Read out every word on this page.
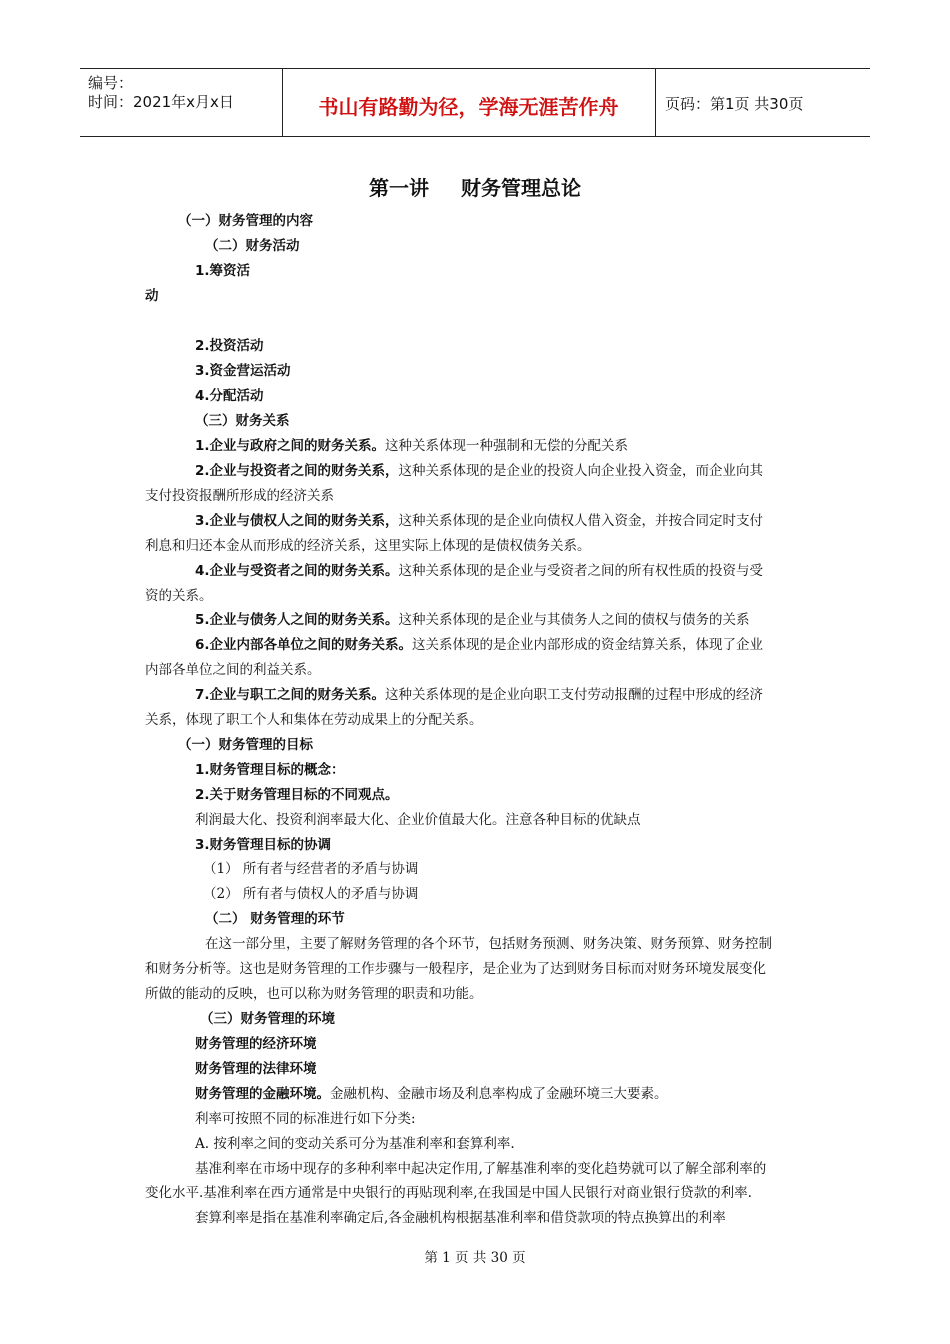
编号：
时间：2021年x月x日	书山有路勤为径，学海无涯苦作舟	页码：第1页 共30页
第一讲 财务管理总论
（一）财务管理的内容
（二）财务活动
1.筹资活
动
2.投资活动
3.资金营运活动
4.分配活动
（三）财务关系
1.企业与政府之间的财务关系。这种关系体现一种强制和无偿的分配关系
2.企业与投资者之间的财务关系，这种关系体现的是企业的投资人向企业投入资金，而企业向其
支付投资报酬所形成的经济关系
3.企业与债权人之间的财务关系，这种关系体现的是企业向债权人借入资金，并按合同定时支付
利息和归还本金从而形成的经济关系，这里实际上体现的是债权债务关系。
4.企业与受资者之间的财务关系。这种关系体现的是企业与受资者之间的所有权性质的投资与受
资的关系。
5.企业与债务人之间的财务关系。这种关系体现的是企业与其债务人之间的债权与债务的关系
6.企业内部各单位之间的财务关系。这关系体现的是企业内部形成的资金结算关系，体现了企业
内部各单位之间的利益关系。
7.企业与职工之间的财务关系。这种关系体现的是企业向职工支付劳动报酬的过程中形成的经济
关系，体现了职工个人和集体在劳动成果上的分配关系。
（一）财务管理的目标
1.财务管理目标的概念：
2.关于财务管理目标的不同观点。
利润最大化、投资利润率最大化、企业价值最大化。注意各种目标的优缺点
3.财务管理目标的协调
（1） 所有者与经营者的矛盾与协调
（2） 所有者与债权人的矛盾与协调
（二） 财务管理的环节
在这一部分里，主要了解财务管理的各个环节，包括财务预测、财务决策、财务预算、财务控制
和财务分析等。这也是财务管理的工作步骤与一般程序，是企业为了达到财务目标而对财务环境发展变化
所做的能动的反映，也可以称为财务管理的职责和功能。
（三）财务管理的环境
财务管理的经济环境
财务管理的法律环境
财务管理的金融环境。金融机构、金融市场及利息率构成了金融环境三大要素。
利率可按照不同的标准进行如下分类:
A. 按利率之间的变动关系可分为基准利率和套算利率.
基准利率在市场中现存的多种利率中起决定作用,了解基准利率的变化趋势就可以了解全部利率的
变化水平.基准利率在西方通常是中央银行的再贴现利率,在我国是中国人民银行对商业银行贷款的利率.
套算利率是指在基准利率确定后,各金融机构根据基准利率和借贷款项的特点换算出的利率
第 1 页 共 30 页
